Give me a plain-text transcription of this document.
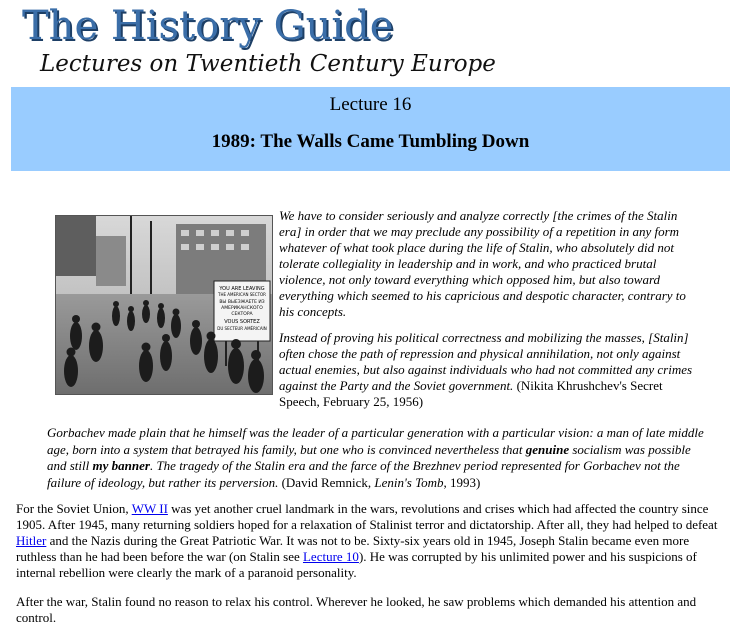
The History Guide
Lectures on Twentieth Century Europe
Lecture 16
1989: The Walls Came Tumbling Down
YOU ARE LEAVING
THE AMERICAN SECTOR
ВЫ ВЫЕЗЖАЕТЕ ИЗ
АМЕРИКАНСКОГО
СЕКТОРА
VOUS SORTEZ
DU SECTEUR AMÉRICAIN
We have to consider seriously and analyze correctly [the crimes of the Stalin era] in order that we may preclude any possibility of a repetition in any form whatever of what took place during the life of Stalin, who absolutely did not tolerate collegiality in leadership and in work, and who practiced brutal violence, not only toward everything which opposed him, but also toward everything which seemed to his capricious and despotic character, contrary to his concepts.
Instead of proving his political correctness and mobilizing the masses, [Stalin] often chose the path of repression and physical annihilation, not only against actual enemies, but also against individuals who had not committed any crimes against the Party and the Soviet government. (Nikita Khrushchev's Secret Speech, February 25, 1956)
Gorbachev made plain that he himself was the leader of a particular generation with a particular vision: a man of late middle age, born into a system that betrayed his family, but one who is convinced nevertheless that genuine socialism was possible and still my banner. The tragedy of the Stalin era and the farce of the Brezhnev period represented for Gorbachev not the failure of ideology, but rather its perversion. (David Remnick, Lenin's Tomb, 1993)
For the Soviet Union, WW II was yet another cruel landmark in the wars, revolutions and crises which had affected the country since 1905. After 1945, many returning soldiers hoped for a relaxation of Stalinist terror and dictatorship. After all, they had helped to defeat Hitler and the Nazis during the Great Patriotic War. It was not to be. Sixty-six years old in 1945, Joseph Stalin became even more ruthless than he had been before the war (on Stalin see Lecture 10). He was corrupted by his unlimited power and his suspicions of internal rebellion were clearly the mark of a paranoid personality.
After the war, Stalin found no reason to relax his control. Wherever he looked, he saw problems which demanded his attention and control.
